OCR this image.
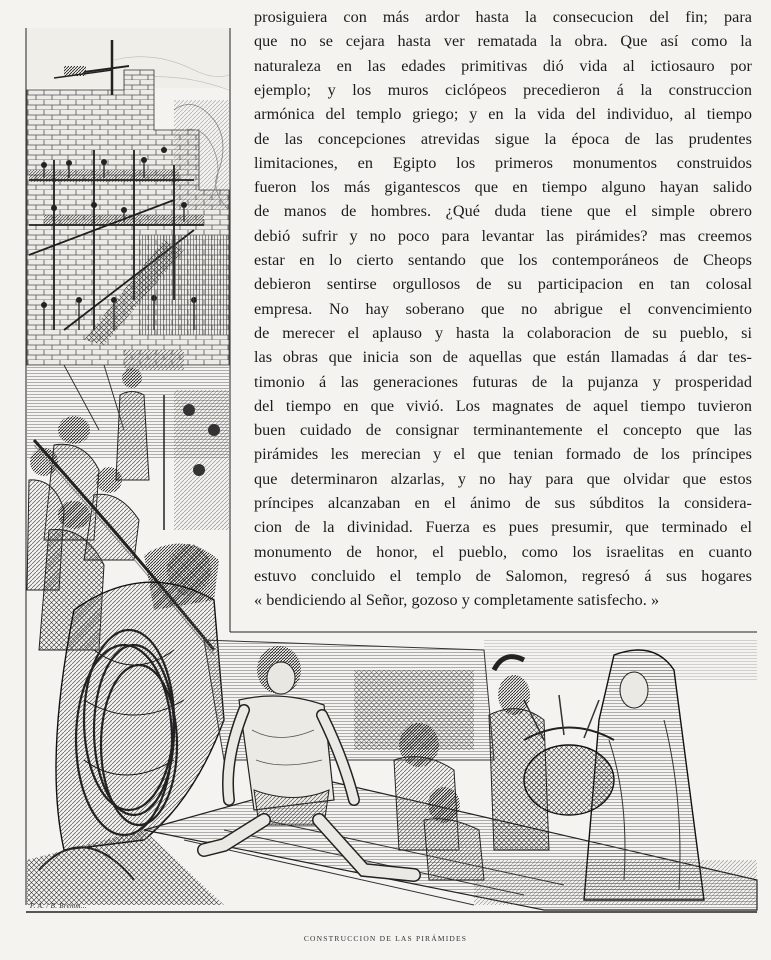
prosiguiera con más ardor hasta la consecucion del fin; para
que no se cejara hasta ver rematada la obra. Que así como la
naturaleza en las edades primitivas dió vida al ictiosauro por
ejemplo; y los muros ciclópeos precedieron á la construccion
armónica del templo griego; y en la vida del individuo, al tiempo
de las concepciones atrevidas sigue la época de las prudentes
limitaciones, en Egipto los primeros monumentos construidos
fueron los más gigantescos que en tiempo alguno hayan salido
de manos de hombres. ¿Qué duda tiene que el simple obrero
debió sufrir y no poco para levantar las pirámides? mas creemos
estar en lo cierto sentando que los contemporáneos de Cheops
debieron sentirse orgullosos de su participacion en tan colosal
empresa. No hay soberano que no abrigue el convencimiento
de merecer el aplauso y hasta la colaboracion de su pueblo, si
las obras que inicia son de aquellas que están llamadas á dar tes-
timonio á las generaciones futuras de la pujanza y prosperidad
del tiempo en que vivió. Los magnates de aquel tiempo tuvieron
buen cuidado de consignar terminantemente el concepto que las
pirámides les merecian y el que tenian formado de los príncipes
que determinaron alzarlas, y no hay para que olvidar que estos
príncipes alcanzaban en el ánimo de sus súbditos la considera-
cion de la divinidad. Fuerza es pues presumir, que terminado el
monumento de honor, el pueblo, como los israelitas en cuanto
estuvo concluido el templo de Salomon, regresó á sus hogares
« bendiciendo al Señor, gozoso y completamente satisfecho. »
F. A. / B. Bremm...
CONSTRUCCION DE LAS PIRÁMIDES
